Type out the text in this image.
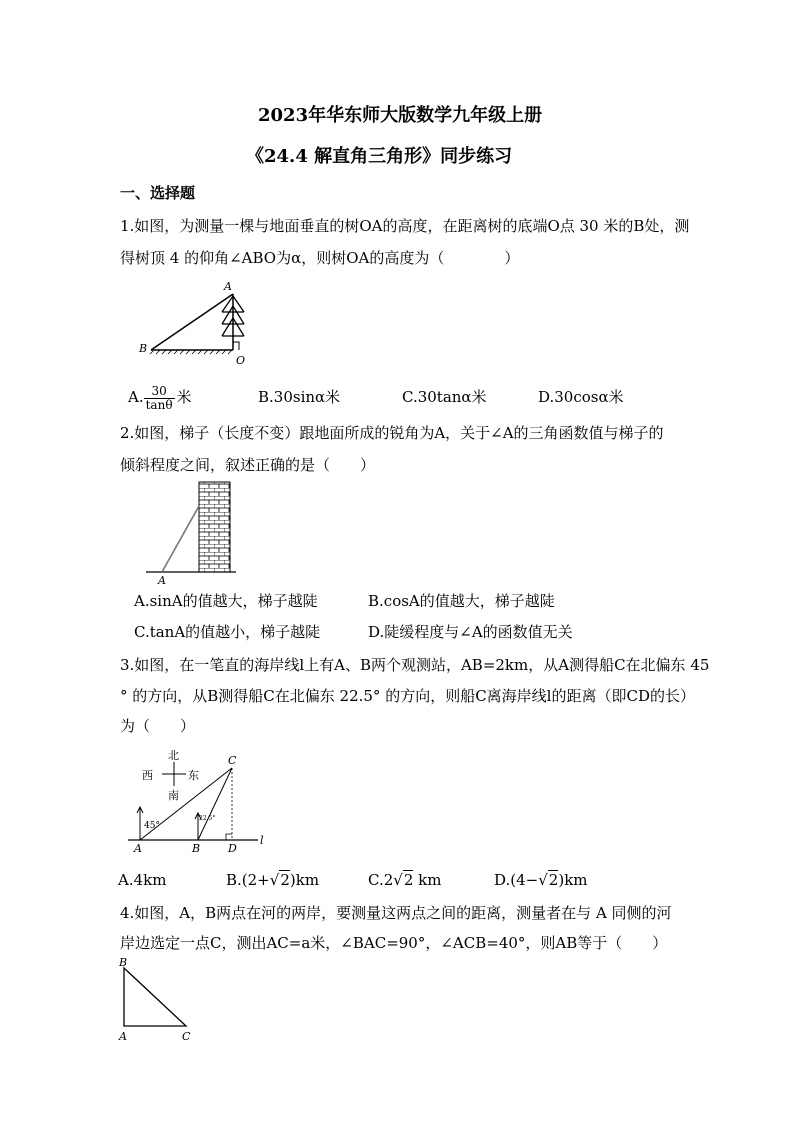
2023年华东师大版数学九年级上册
《24.4 解直角三角形》同步练习
一、选择题
1.如图，为测量一棵与地面垂直的树OA的高度，在距离树的底端O点 30 米的B处，测
得树顶 4 的仰角∠ABO为α，则树OA的高度为（　　　　）
A
B
O
A. $\frac{30}{\tan\theta}$ 米	B.30sinα米	C.30tanα米	D.30cosα米
2.如图，梯子（长度不变）跟地面所成的锐角为A，关于∠A的三角函数值与梯子的
倾斜程度之间，叙述正确的是（　　）
A
A.sinA的值越大，梯子越陡	B.cosA的值越大，梯子越陡
C.tanA的值越小，梯子越陡	D.陡缓程度与∠A的函数值无关
3.如图，在一笔直的海岸线l上有A、B两个观测站，AB=2km，从A测得船C在北偏东 45
° 的方向，从B测得船C在北偏东 22.5° 的方向，则船C离海岸线l的距离（即CD的长）
为（　　）
北
南
西	东
45°
22.5°
C
A	B	D
l
A.4km	B.(2+√2)km	C.2√2 km	D.(4−√2)km
4.如图，A，B两点在河的两岸，要测量这两点之间的距离，测量者在与 A 同侧的河
岸边选定一点C，测出AC=a米，∠BAC=90°，∠ACB=40°，则AB等于（　　）
B
A	C
